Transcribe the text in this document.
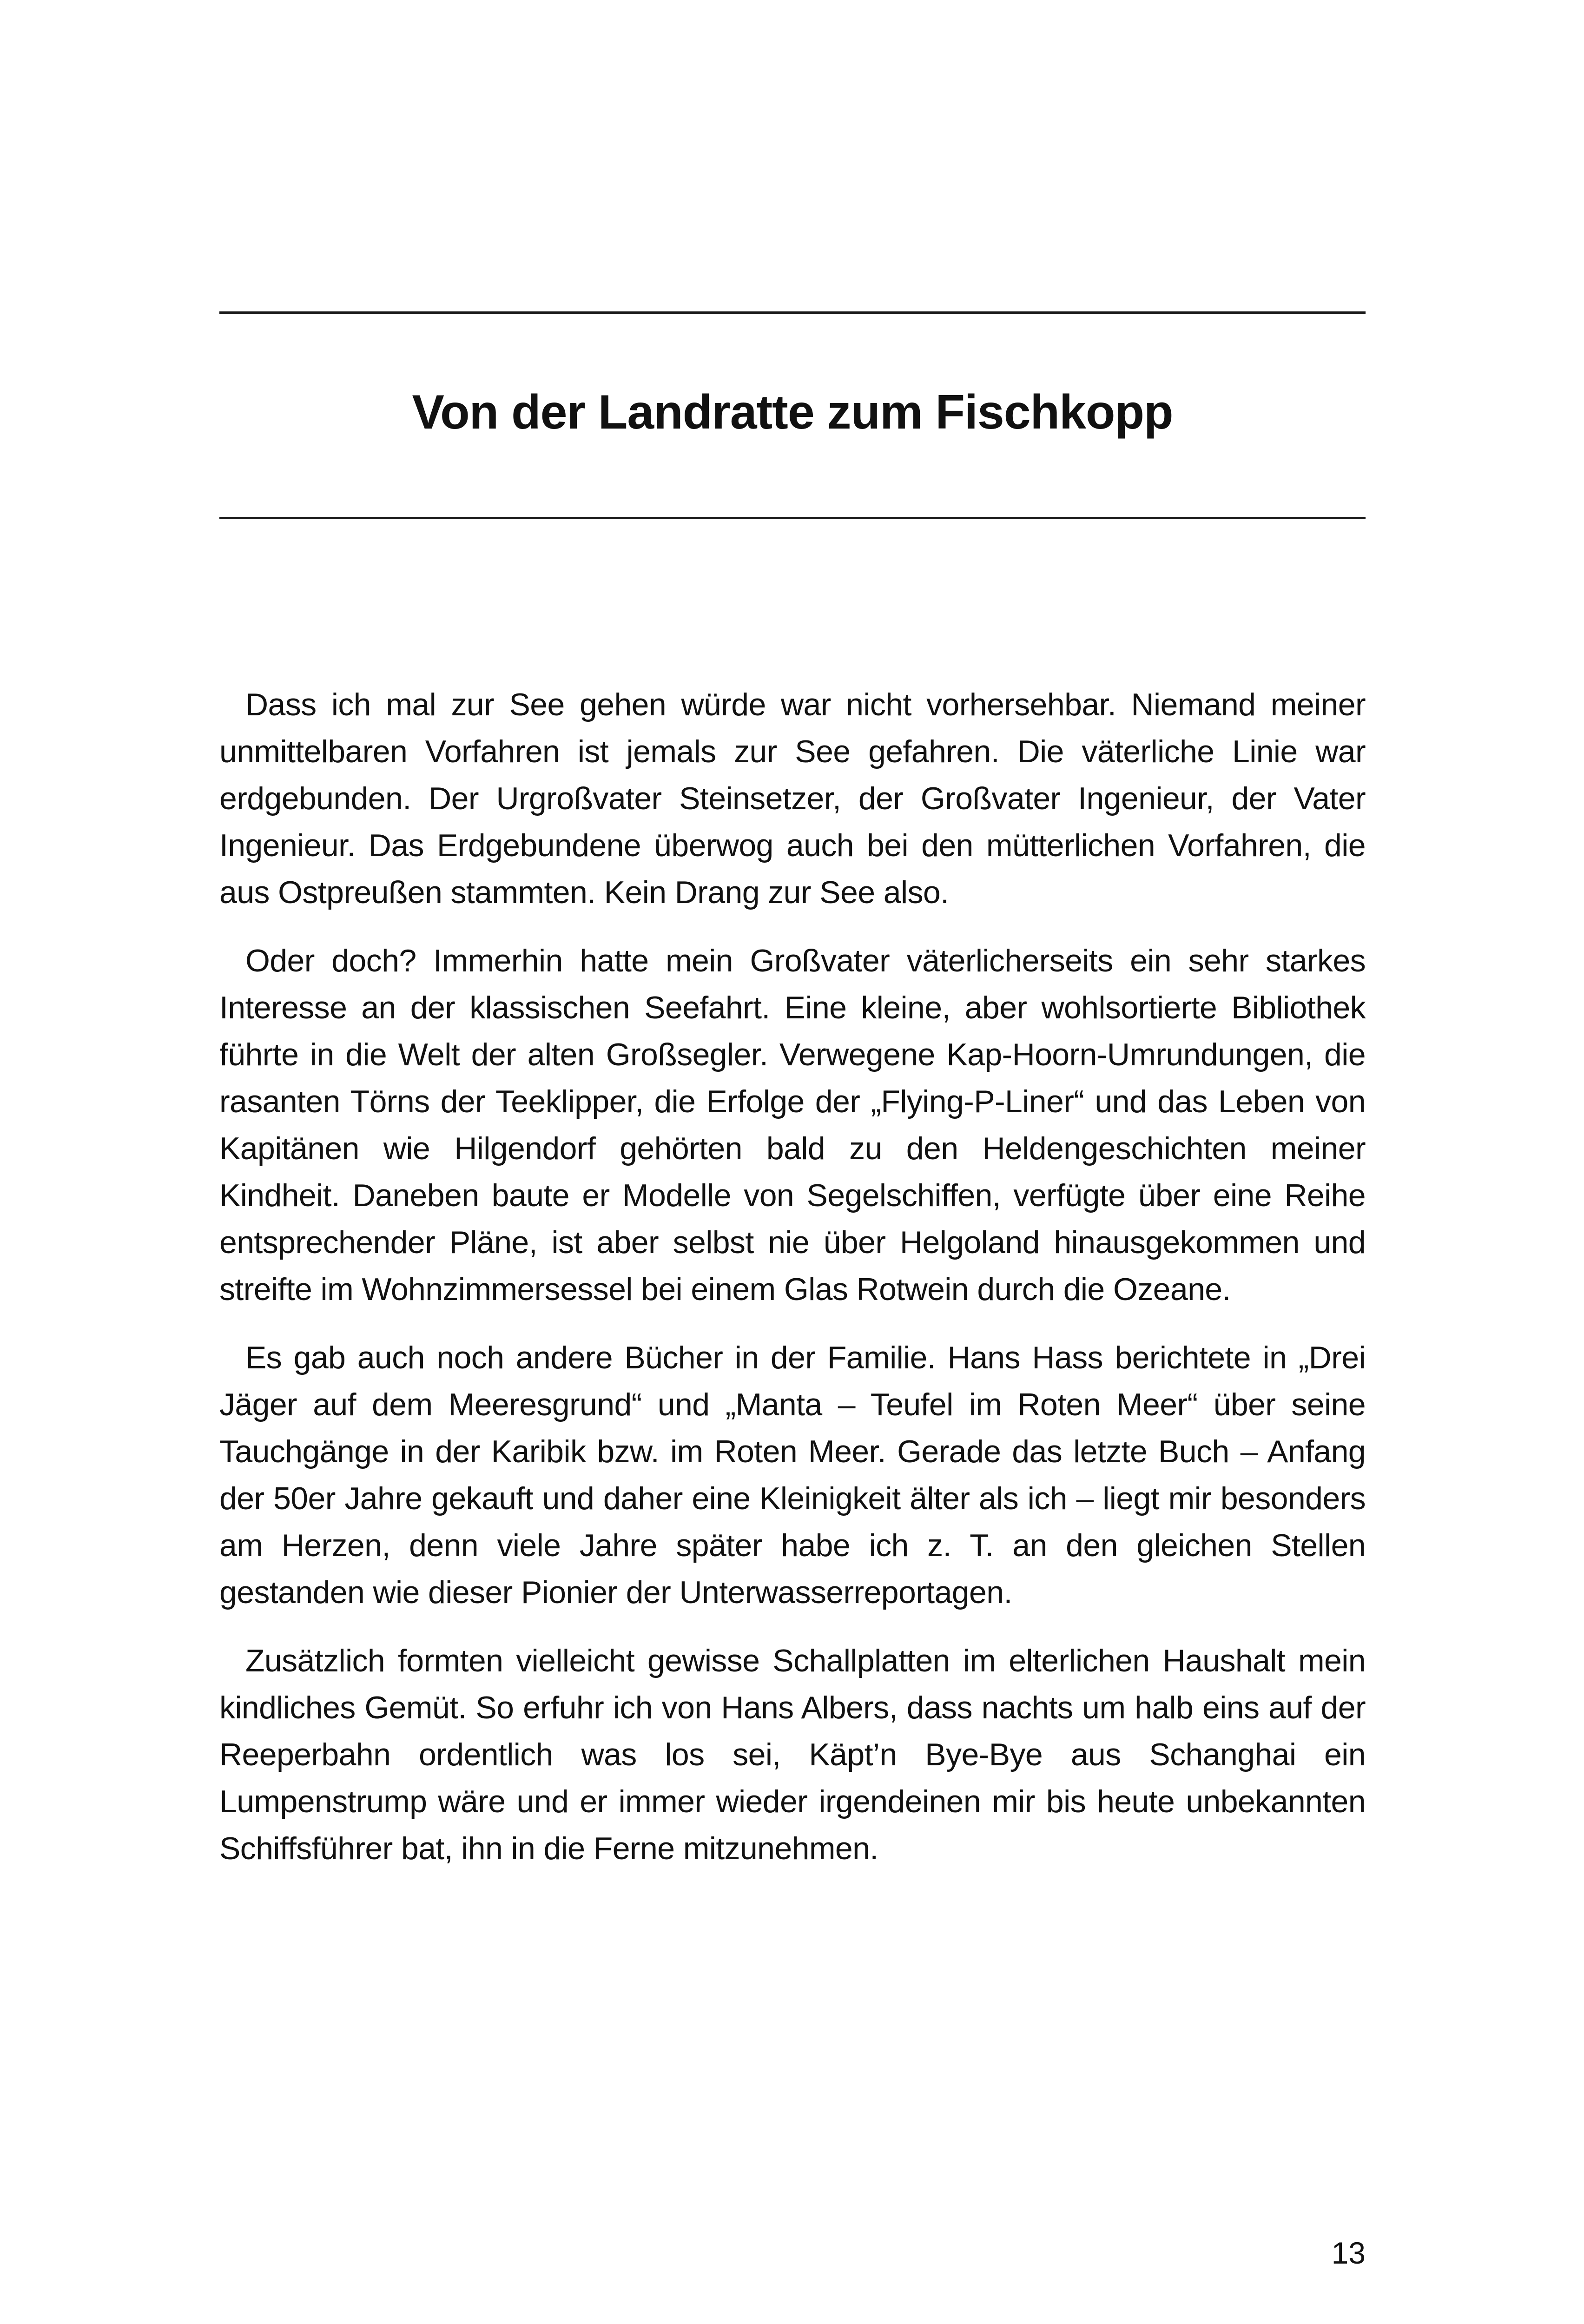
Von der Landratte zum Fischkopp

Dass ich mal zur See gehen würde war nicht vorhersehbar. Niemand meiner unmittelbaren Vorfahren ist jemals zur See gefahren. Die väterliche Linie war erdgebunden. Der Urgroßvater Steinsetzer, der Großvater Ingenieur, der Vater Ingenieur. Das Erdgebundene überwog auch bei den mütterlichen Vorfahren, die aus Ostpreußen stammten. Kein Drang zur See also.

Oder doch? Immerhin hatte mein Großvater väterlicherseits ein sehr starkes Interesse an der klassischen Seefahrt. Eine kleine, aber wohlsortierte Bibliothek führte in die Welt der alten Großsegler. Verwegene Kap-Hoorn-Umrundungen, die rasanten Törns der Teeklipper, die Erfolge der „Flying-P-Liner“ und das Leben von Kapitänen wie Hilgendorf gehörten bald zu den Heldengeschichten meiner Kindheit. Daneben baute er Modelle von Segelschiffen, verfügte über eine Reihe entsprechender Pläne, ist aber selbst nie über Helgoland hinausgekommen und streifte im Wohnzimmersessel bei einem Glas Rotwein durch die Ozeane.

Es gab auch noch andere Bücher in der Familie. Hans Hass berichtete in „Drei Jäger auf dem Meeresgrund“ und „Manta – Teufel im Roten Meer“ über seine Tauchgänge in der Karibik bzw. im Roten Meer. Gerade das letzte Buch – Anfang der 50er Jahre gekauft und daher eine Kleinigkeit älter als ich – liegt mir besonders am Herzen, denn viele Jahre später habe ich z. T. an den gleichen Stellen gestanden wie dieser Pionier der Unterwasserreportagen.

Zusätzlich formten vielleicht gewisse Schallplatten im elterlichen Haushalt mein kindliches Gemüt. So erfuhr ich von Hans Albers, dass nachts um halb eins auf der Reeperbahn ordentlich was los sei, Käpt’n Bye-Bye aus Schanghai ein Lumpenstrump wäre und er immer wieder irgendeinen mir bis heute unbekannten Schiffsführer bat, ihn in die Ferne mitzunehmen.

13
